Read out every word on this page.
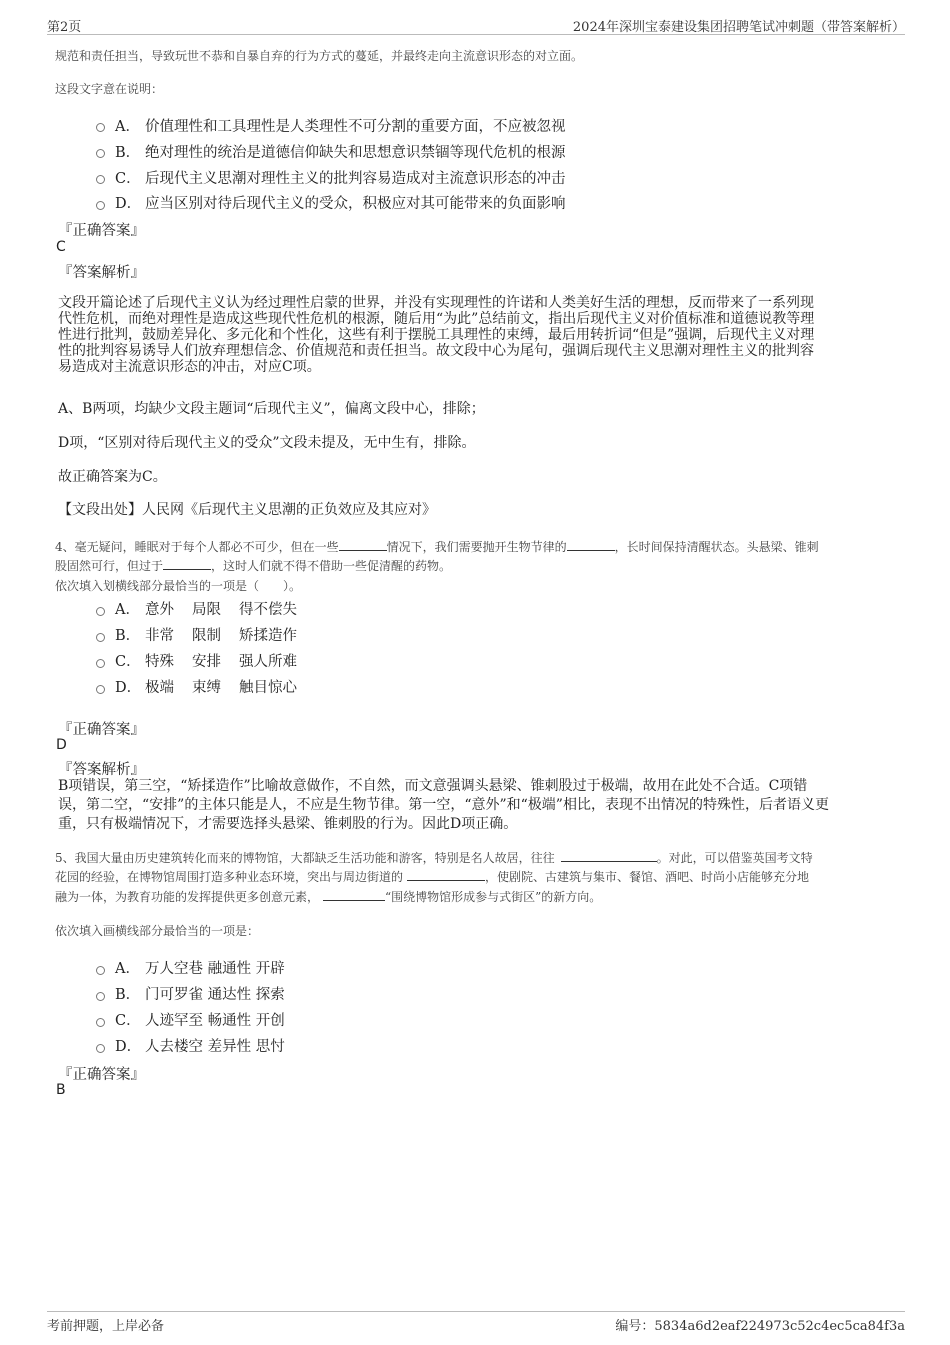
第2页	2024年深圳宝泰建设集团招聘笔试冲刺题（带答案解析）
规范和责任担当，导致玩世不恭和自暴自弃的行为方式的蔓延，并最终走向主流意识形态的对立面。
这段文字意在说明：
A． 价值理性和工具理性是人类理性不可分割的重要方面，不应被忽视
B． 绝对理性的统治是道德信仰缺失和思想意识禁锢等现代危机的根源
C． 后现代主义思潮对理性主义的批判容易造成对主流意识形态的冲击
D． 应当区别对待后现代主义的受众，积极应对其可能带来的负面影响
『正确答案』
C
『答案解析』
文段开篇论述了后现代主义认为经过理性启蒙的世界，并没有实现理性的许诺和人类美好生活的理想，反而带来了一系列现
代性危机，而绝对理性是造成这些现代性危机的根源，随后用“为此”总结前文，指出后现代主义对价值标准和道德说教等理
性进行批判，鼓励差异化、多元化和个性化，这些有利于摆脱工具理性的束缚，最后用转折词“但是”强调，后现代主义对理
性的批判容易诱导人们放弃理想信念、价值规范和责任担当。故文段中心为尾句，强调后现代主义思潮对理性主义的批判容
易造成对主流意识形态的冲击，对应C项。
A、B两项，均缺少文段主题词“后现代主义”，偏离文段中心，排除；
D项，“区别对待后现代主义的受众”文段未提及，无中生有，排除。
故正确答案为C。
【文段出处】人民网《后现代主义思潮的正负效应及其应对》
4、毫无疑问，睡眠对于每个人都必不可少，但在一些	情况下，我们需要抛开生物节律的	，长时间保持清醒状态。头悬梁、锥刺
股固然可行，但过于	，这时人们就不得不借助一些促清醒的药物。
依次填入划横线部分最恰当的一项是（　　）。
A． 意外 局限 得不偿失
B． 非常 限制 矫揉造作
C． 特殊 安排 强人所难
D． 极端 束缚 触目惊心
『正确答案』
D
『答案解析』
B项错误，第三空，“矫揉造作”比喻故意做作，不自然，而文意强调头悬梁、锥刺股过于极端，故用在此处不合适。C项错
误，第二空，“安排”的主体只能是人，不应是生物节律。第一空，“意外”和“极端”相比，表现不出情况的特殊性，后者语义更
重，只有极端情况下，才需要选择头悬梁、锥刺股的行为。因此D项正确。
5、我国大量由历史建筑转化而来的博物馆，大都缺乏生活功能和游客，特别是名人故居，往往	。对此，可以借鉴英国考文特
花园的经验，在博物馆周围打造多种业态环境，突出与周边街道的	，使剧院、古建筑与集市、餐馆、酒吧、时尚小店能够充分地
融为一体，为教育功能的发挥提供更多创意元素，	“围绕博物馆形成参与式街区”的新方向。
依次填入画横线部分最恰当的一项是：
A． 万人空巷 融通性 开辟
B． 门可罗雀 通达性 探索
C． 人迹罕至 畅通性 开创
D． 人去楼空 差异性 思忖
『正确答案』
B
考前押题，上岸必备	编号：5834a6d2eaf224973c52c4ec5ca84f3a
